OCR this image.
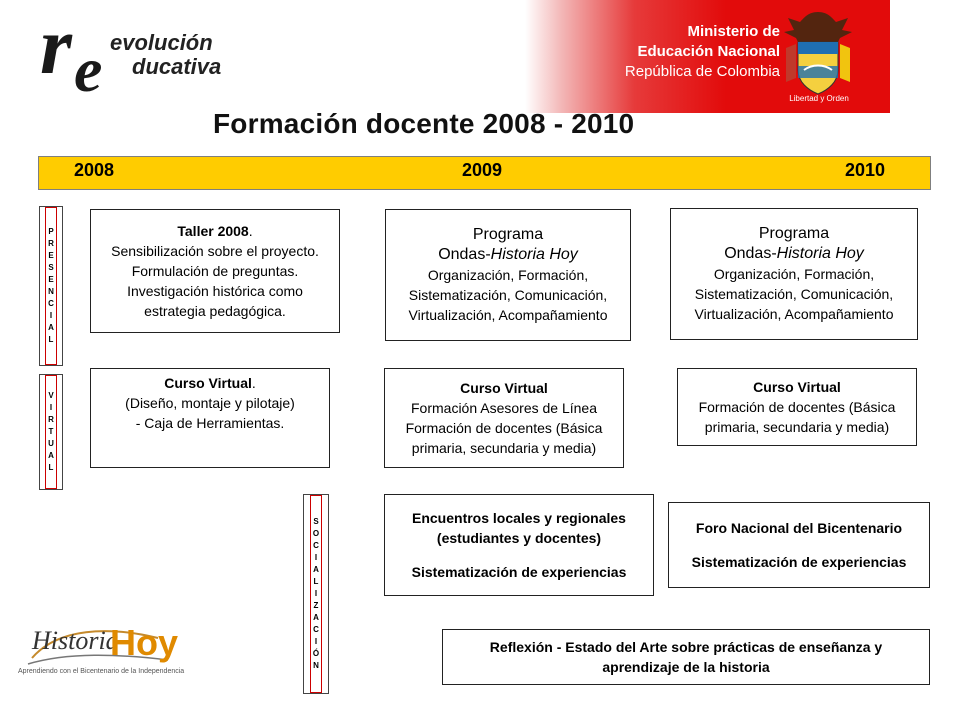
r e evolución
ducativa
Ministerio de
Educación Nacional
República de Colombia
Libertad y Orden
Formación docente 2008 - 2010
2008	2009	2010
P
R
E
S
E
N
C
I
A
L
V
I
R
T
U
A
L
S
O
C
I
A
L
I
Z
A
C
I
Ó
N
Taller 2008.
Sensibilización sobre el proyecto.
Formulación de preguntas.
Investigación histórica como
estrategia pedagógica.
Programa
Ondas-Historia Hoy
Organización, Formación,
Sistematización, Comunicación,
Virtualización, Acompañamiento
Programa
Ondas-Historia Hoy
Organización, Formación,
Sistematización, Comunicación,
Virtualización, Acompañamiento
Curso Virtual.
(Diseño, montaje y pilotaje)
- Caja de Herramientas.
Curso Virtual
Formación Asesores de Línea
Formación de docentes (Básica
primaria, secundaria y media)
Curso Virtual
Formación de docentes (Básica
primaria, secundaria y media)
Encuentros locales y regionales
(estudiantes y docentes)
Sistematización de experiencias
Foro Nacional del Bicentenario
Sistematización de experiencias
Reflexión - Estado del Arte sobre prácticas de enseñanza y
aprendizaje de la historia
Historia
Hoy
Aprendiendo con el Bicentenario de la Independencia
